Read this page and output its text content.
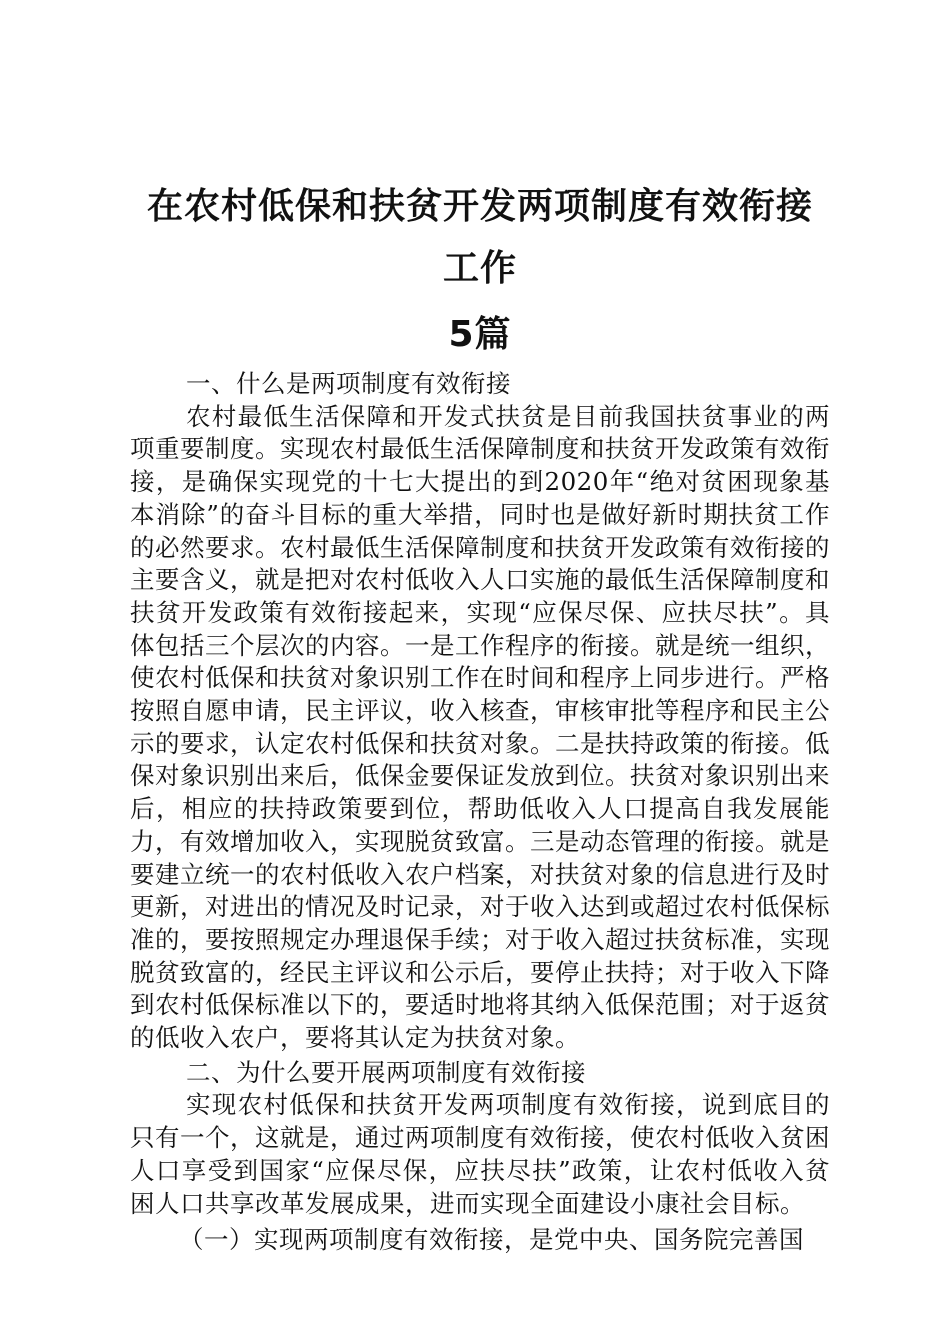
在农村低保和扶贫开发两项制度有效衔接工作
5篇

一、什么是两项制度有效衔接

农村最低生活保障和开发式扶贫是目前我国扶贫事业的两项重要制度。实现农村最低生活保障制度和扶贫开发政策有效衔接，是确保实现党的十七大提出的到2020年“绝对贫困现象基本消除”的奋斗目标的重大举措，同时也是做好新时期扶贫工作的必然要求。农村最低生活保障制度和扶贫开发政策有效衔接的主要含义，就是把对农村低收入人口实施的最低生活保障制度和扶贫开发政策有效衔接起来，实现“应保尽保、应扶尽扶”。具体包括三个层次的内容。一是工作程序的衔接。就是统一组织，使农村低保和扶贫对象识别工作在时间和程序上同步进行。严格按照自愿申请，民主评议，收入核查，审核审批等程序和民主公示的要求，认定农村低保和扶贫对象。二是扶持政策的衔接。低保对象识别出来后，低保金要保证发放到位。扶贫对象识别出来后，相应的扶持政策要到位，帮助低收入人口提高自我发展能力，有效增加收入，实现脱贫致富。三是动态管理的衔接。就是要建立统一的农村低收入农户档案，对扶贫对象的信息进行及时更新，对进出的情况及时记录，对于收入达到或超过农村低保标准的，要按照规定办理退保手续；对于收入超过扶贫标准，实现脱贫致富的，经民主评议和公示后，要停止扶持；对于收入下降到农村低保标准以下的，要适时地将其纳入低保范围；对于返贫的低收入农户，要将其认定为扶贫对象。

二、为什么要开展两项制度有效衔接

实现农村低保和扶贫开发两项制度有效衔接，说到底目的只有一个，这就是，通过两项制度有效衔接，使农村低收入贫困人口享受到国家“应保尽保，应扶尽扶”政策，让农村低收入贫困人口共享改革发展成果，进而实现全面建设小康社会目标。

（一）实现两项制度有效衔接，是党中央、国务院完善国
